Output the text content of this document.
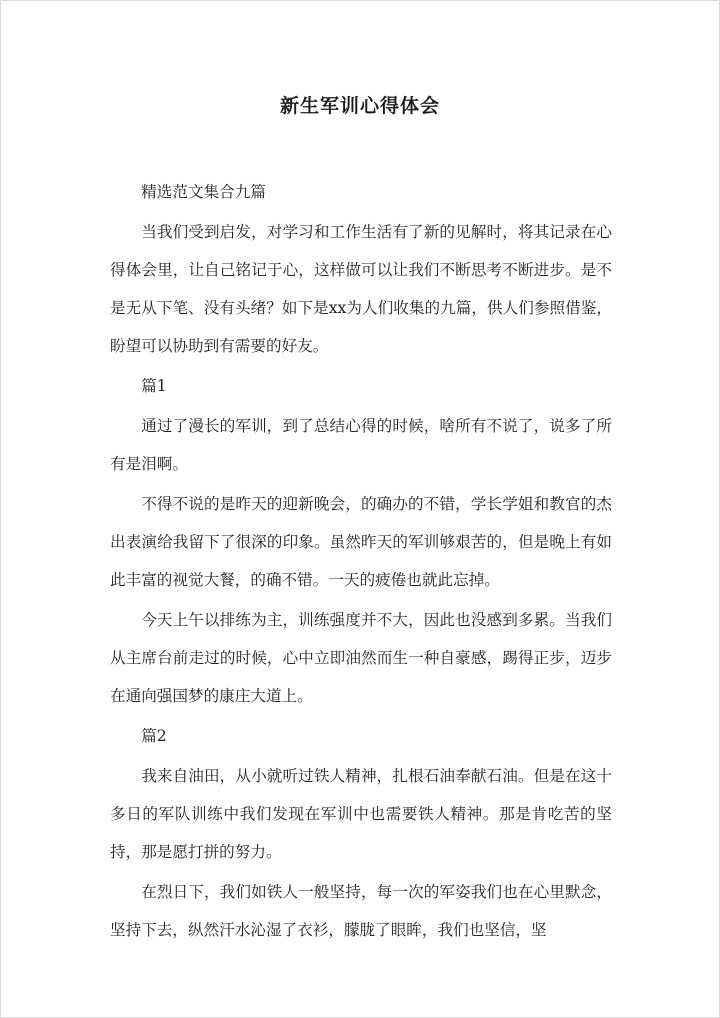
新生军训心得体会

精选范文集合九篇

当我们受到启发，对学习和工作生活有了新的见解时，将其记录在心得体会里，让自己铭记于心，这样做可以让我们不断思考不断进步。是不是无从下笔、没有头绪？如下是xx为人们收集的九篇，供人们参照借鉴，盼望可以协助到有需要的好友。

篇1

通过了漫长的军训，到了总结心得的时候，啥所有不说了，说多了所有是泪啊。

不得不说的是昨天的迎新晚会，的确办的不错，学长学姐和教官的杰出表演给我留下了很深的印象。虽然昨天的军训够艰苦的，但是晚上有如此丰富的视觉大餐，的确不错。一天的疲倦也就此忘掉。

今天上午以排练为主，训练强度并不大，因此也没感到多累。当我们从主席台前走过的时候，心中立即油然而生一种自豪感，踢得正步，迈步在通向强国梦的康庄大道上。

篇2

我来自油田，从小就听过铁人精神，扎根石油奉献石油。但是在这十多日的军队训练中我们发现在军训中也需要铁人精神。那是肯吃苦的坚持，那是愿打拼的努力。

在烈日下，我们如铁人一般坚持，每一次的军姿我们也在心里默念，坚持下去，纵然汗水沁湿了衣衫，朦胧了眼眸，我们也坚信，坚
